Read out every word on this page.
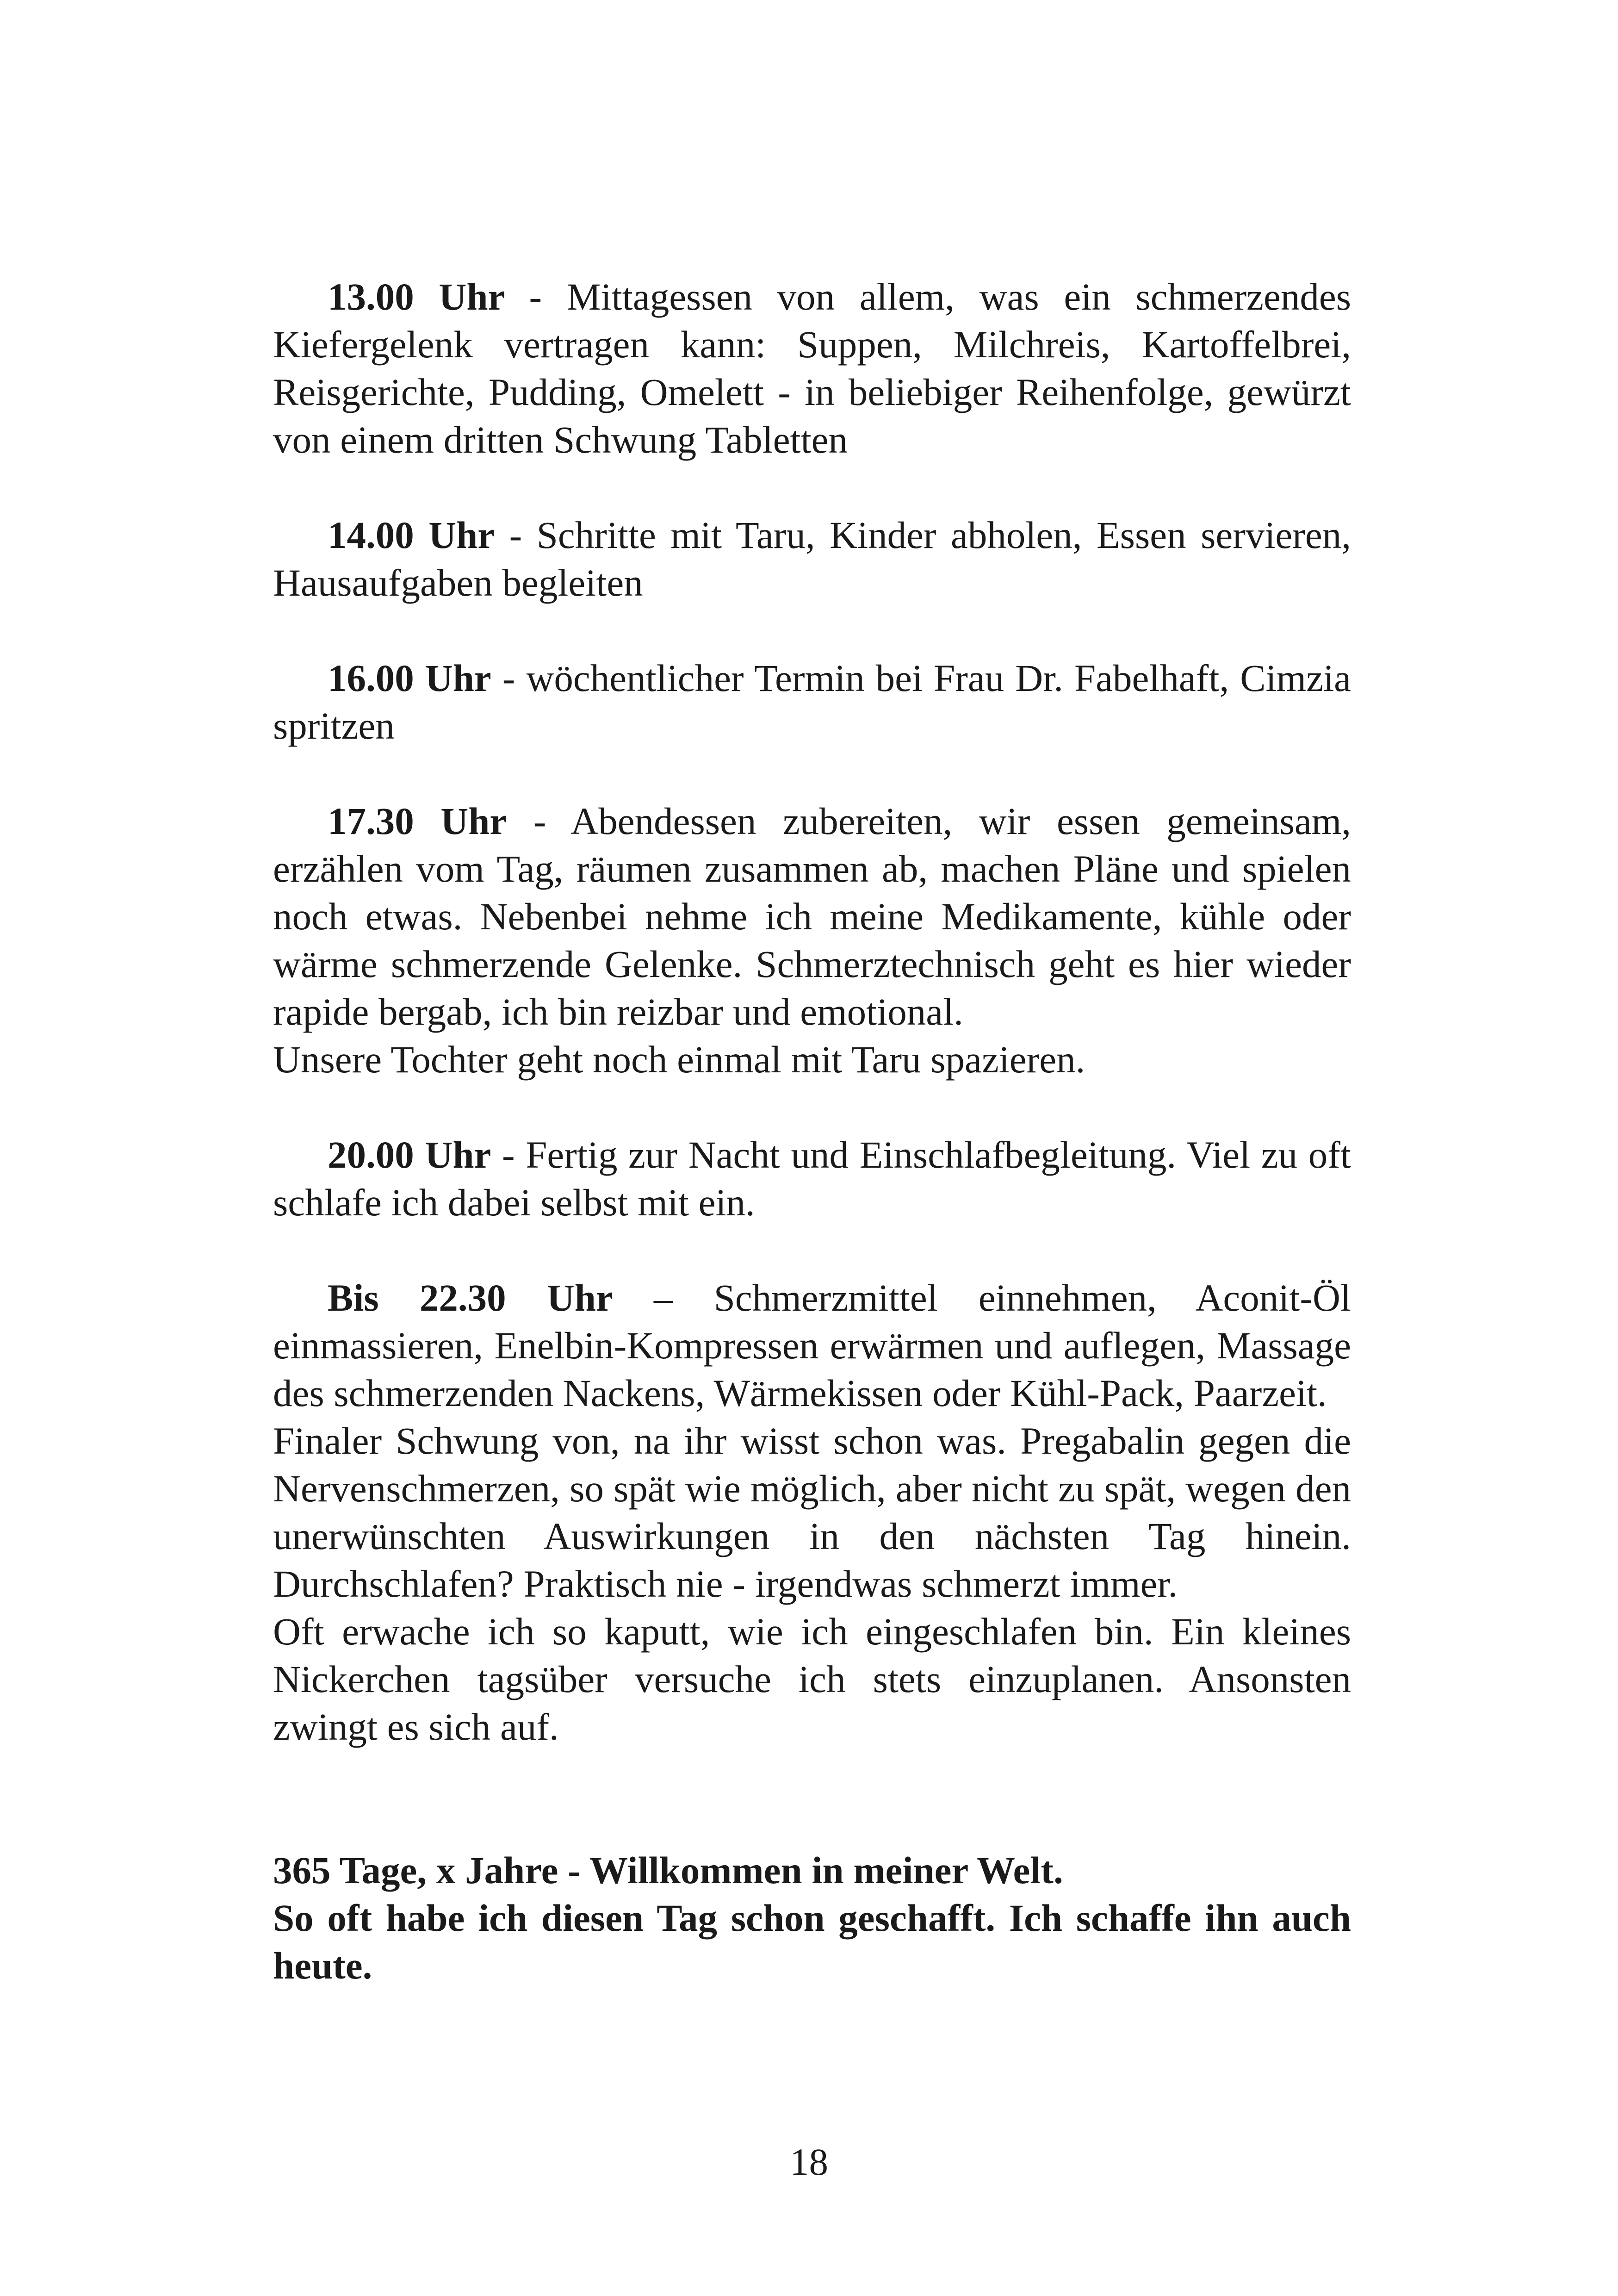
13.00 Uhr - Mittagessen von allem, was ein schmerzendes Kiefergelenk vertragen kann: Suppen, Milchreis, Kartoffelbrei, Reisgerichte, Pudding, Omelett - in beliebiger Reihenfolge, gewürzt von einem dritten Schwung Tabletten

14.00 Uhr - Schritte mit Taru, Kinder abholen, Essen servieren, Hausaufgaben begleiten

16.00 Uhr - wöchentlicher Termin bei Frau Dr. Fabelhaft, Cimzia spritzen

17.30 Uhr - Abendessen zubereiten, wir essen gemeinsam, erzählen vom Tag, räumen zusammen ab, machen Pläne und spielen noch etwas. Nebenbei nehme ich meine Medikamente, kühle oder wärme schmerzende Gelenke. Schmerztechnisch geht es hier wieder rapide bergab, ich bin reizbar und emotional.

Unsere Tochter geht noch einmal mit Taru spazieren.

20.00 Uhr - Fertig zur Nacht und Einschlafbegleitung. Viel zu oft schlafe ich dabei selbst mit ein.

Bis 22.30 Uhr – Schmerzmittel einnehmen, Aconit-Öl einmassieren, Enelbin-Kompressen erwärmen und auflegen, Massage des schmerzenden Nackens, Wärmekissen oder Kühl-Pack, Paarzeit.

Finaler Schwung von, na ihr wisst schon was. Pregabalin gegen die Nervenschmerzen, so spät wie möglich, aber nicht zu spät, wegen den unerwünschten Auswirkungen in den nächsten Tag hinein. Durchschlafen? Praktisch nie - irgendwas schmerzt immer.

Oft erwache ich so kaputt, wie ich eingeschlafen bin. Ein kleines Nickerchen tagsüber versuche ich stets einzuplanen. Ansonsten zwingt es sich auf.

365 Tage, x Jahre - Willkommen in meiner Welt.

So oft habe ich diesen Tag schon geschafft. Ich schaffe ihn auch heute.

18
